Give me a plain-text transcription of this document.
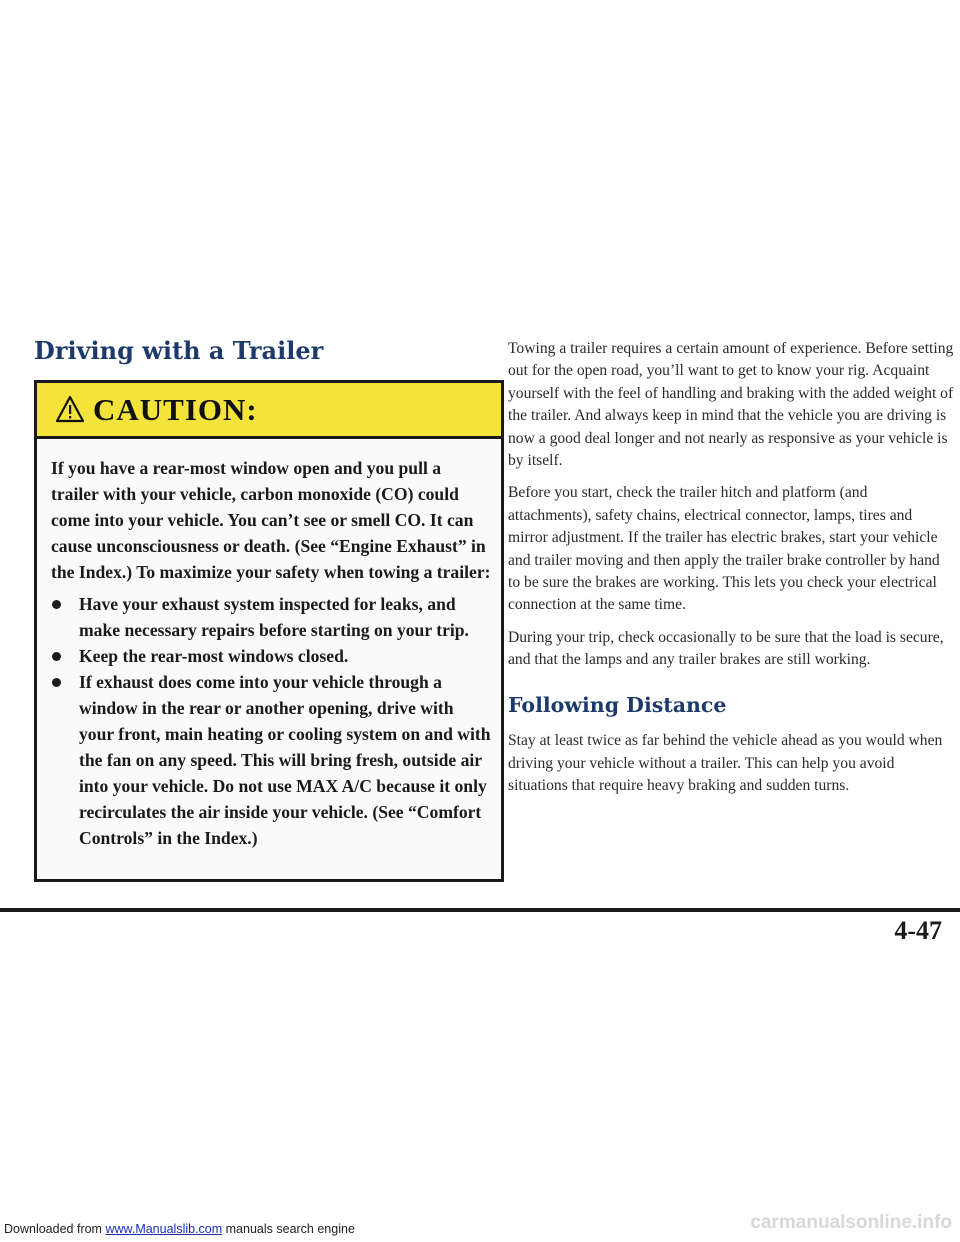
Driving with a Trailer
CAUTION:

If you have a rear-most window open and you pull a trailer with your vehicle, carbon monoxide (CO) could come into your vehicle. You can’t see or smell CO. It can cause unconsciousness or death. (See “Engine Exhaust” in the Index.) To maximize your safety when towing a trailer:

Have your exhaust system inspected for leaks, and make necessary repairs before starting on your trip.
Keep the rear-most windows closed.
If exhaust does come into your vehicle through a window in the rear or another opening, drive with your front, main heating or cooling system on and with the fan on any speed. This will bring fresh, outside air into your vehicle. Do not use MAX A/C because it only recirculates the air inside your vehicle. (See “Comfort Controls” in the Index.)

Towing a trailer requires a certain amount of experience. Before setting out for the open road, you’ll want to get to know your rig. Acquaint yourself with the feel of handling and braking with the added weight of the trailer. And always keep in mind that the vehicle you are driving is now a good deal longer and not nearly as responsive as your vehicle is by itself.

Before you start, check the trailer hitch and platform (and attachments), safety chains, electrical connector, lamps, tires and mirror adjustment. If the trailer has electric brakes, start your vehicle and trailer moving and then apply the trailer brake controller by hand to be sure the brakes are working. This lets you check your electrical connection at the same time.

During your trip, check occasionally to be sure that the load is secure, and that the lamps and any trailer brakes are still working.

Following Distance

Stay at least twice as far behind the vehicle ahead as you would when driving your vehicle without a trailer. This can help you avoid situations that require heavy braking and sudden turns.

4-47
Downloaded from www.Manualslib.com manuals search engine	carmanualsonline.info
